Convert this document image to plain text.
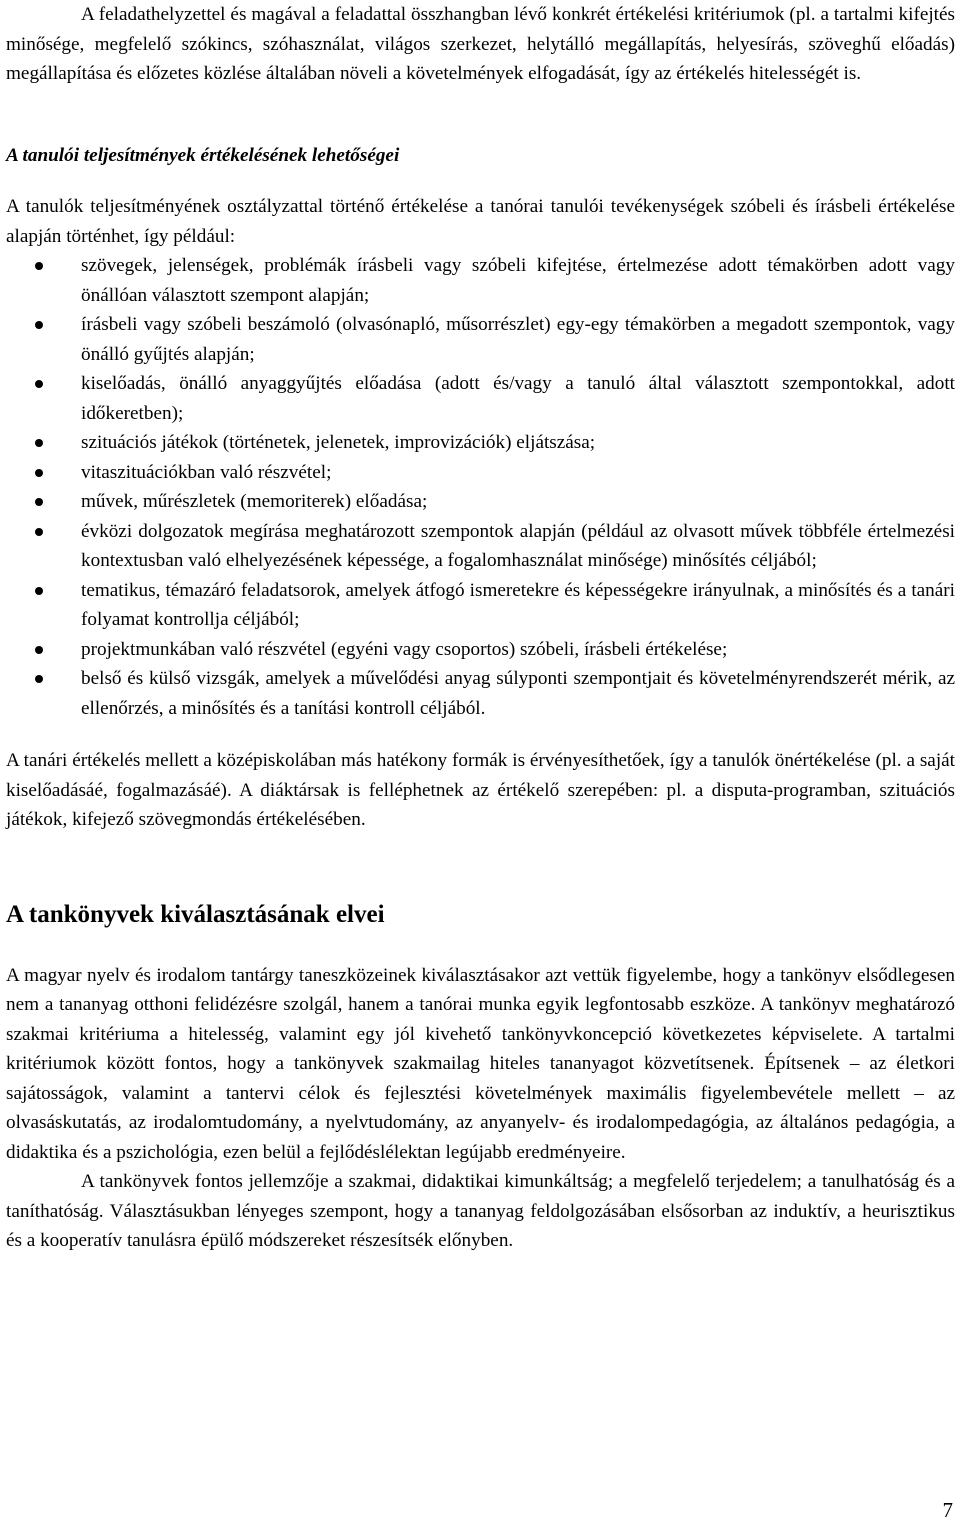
A feladathelyzettel és magával a feladattal összhangban lévő konkrét értékelési kritériumok (pl. a tartalmi kifejtés minősége, megfelelő szókincs, szóhasználat, világos szerkezet, helytálló megállapítás, helyesírás, szöveghű előadás) megállapítása és előzetes közlése általában növeli a követelmények elfogadását, így az értékelés hitelességét is.

A tanulói teljesítmények értékelésének lehetőségei

A tanulók teljesítményének osztályzattal történő értékelése a tanórai tanulói tevékenységek szóbeli és írásbeli értékelése alapján történhet, így például:

szövegek, jelenségek, problémák írásbeli vagy szóbeli kifejtése, értelmezése adott témakörben adott vagy önállóan választott szempont alapján;
írásbeli vagy szóbeli beszámoló (olvasónapló, műsorrészlet) egy-egy témakörben a megadott szempontok, vagy önálló gyűjtés alapján;
kiselőadás, önálló anyaggyűjtés előadása (adott és/vagy a tanuló által választott szempontokkal, adott időkeretben);
szituációs játékok (történetek, jelenetek, improvizációk) eljátszása;
vitaszituációkban való részvétel;
művek, műrészletek (memoriterek) előadása;
évközi dolgozatok megírása meghatározott szempontok alapján (például az olvasott művek többféle értelmezési kontextusban való elhelyezésének képessége, a fogalomhasználat minősége) minősítés céljából;
tematikus, témazáró feladatsorok, amelyek átfogó ismeretekre és képességekre irányulnak, a minősítés és a tanári folyamat kontrollja céljából;
projektmunkában való részvétel (egyéni vagy csoportos) szóbeli, írásbeli értékelése;
belső és külső vizsgák, amelyek a művelődési anyag súlyponti szempontjait és követelményrendszerét mérik, az ellenőrzés, a minősítés és a tanítási kontroll céljából.

A tanári értékelés mellett a középiskolában más hatékony formák is érvényesíthetőek, így a tanulók önértékelése (pl. a saját kiselőadásáé, fogalmazásáé). A diáktársak is felléphetnek az értékelő szerepében: pl. a disputa-programban, szituációs játékok, kifejező szövegmondás értékelésében.

A tankönyvek kiválasztásának elvei

A magyar nyelv és irodalom tantárgy taneszközeinek kiválasztásakor azt vettük figyelembe, hogy a tankönyv elsődlegesen nem a tananyag otthoni felidézésre szolgál, hanem a tanórai munka egyik legfontosabb eszköze. A tankönyv meghatározó szakmai kritériuma a hitelesség, valamint egy jól kivehető tankönyvkoncepció következetes képviselete. A tartalmi kritériumok között fontos, hogy a tankönyvek szakmailag hiteles tananyagot közvetítsenek. Építsenek – az életkori sajátosságok, valamint a tantervi célok és fejlesztési követelmények maximális figyelembevétele mellett – az olvasáskutatás, az irodalomtudomány, a nyelvtudomány, az anyanyelv- és irodalompedagógia, az általános pedagógia, a didaktika és a pszichológia, ezen belül a fejlődéslélektan legújabb eredményeire.

A tankönyvek fontos jellemzője a szakmai, didaktikai kimunkáltság; a megfelelő terjedelem; a tanulhatóság és a taníthatóság. Választásukban lényeges szempont, hogy a tananyag feldolgozásában elsősorban az induktív, a heurisztikus és a kooperatív tanulásra épülő módszereket részesítsék előnyben.

7
